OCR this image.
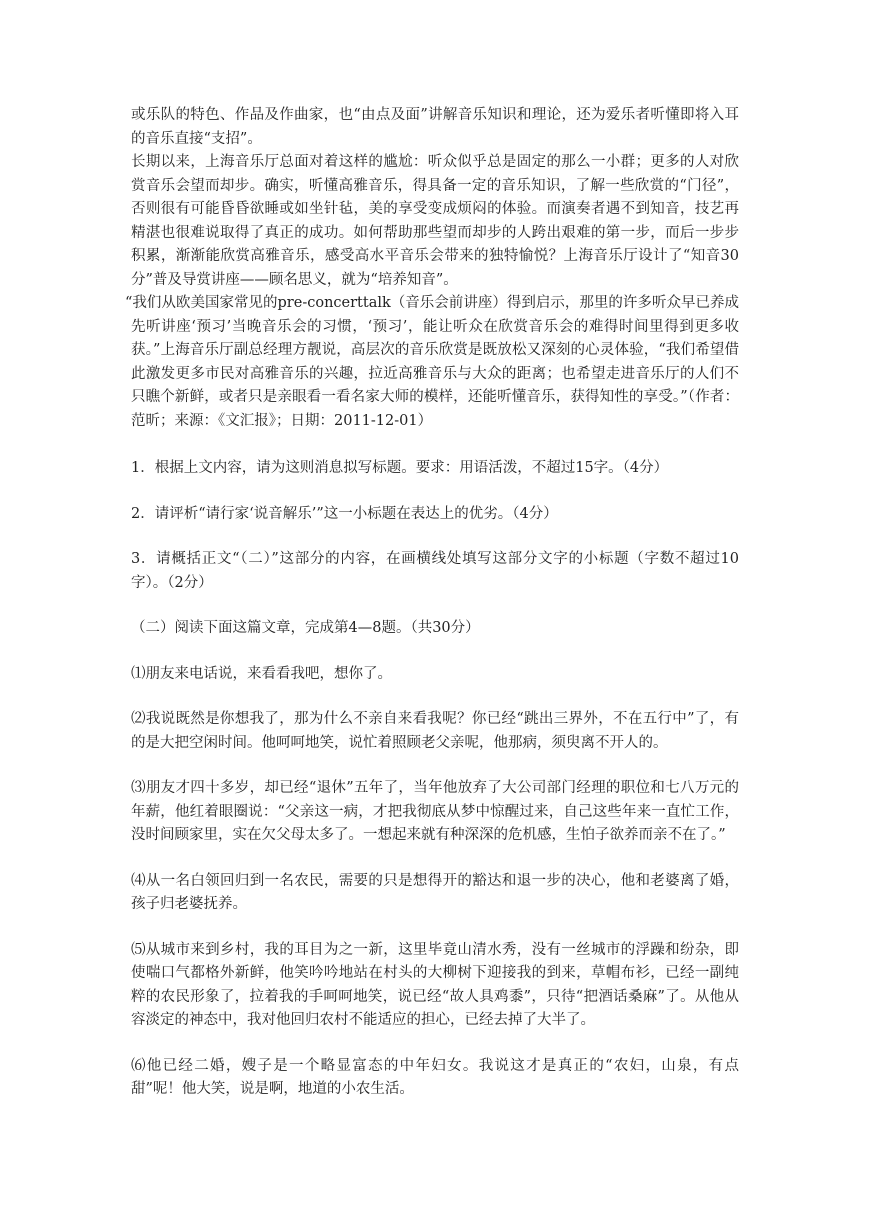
或乐队的特色、作品及作曲家，也“由点及面”讲解音乐知识和理论，还为爱乐者听懂即将入耳的音乐直接“支招”。

长期以来，上海音乐厅总面对着这样的尴尬：听众似乎总是固定的那么一小群；更多的人对欣赏音乐会望而却步。确实，听懂高雅音乐，得具备一定的音乐知识，了解一些欣赏的“门径”，否则很有可能昏昏欲睡或如坐针毡，美的享受变成烦闷的体验。而演奏者遇不到知音，技艺再精湛也很难说取得了真正的成功。如何帮助那些望而却步的人跨出艰难的第一步，而后一步步积累，渐渐能欣赏高雅音乐，感受高水平音乐会带来的独特愉悦？上海音乐厅设计了“知音30分”普及导赏讲座——顾名思义，就为“培养知音”。

“我们从欧美国家常见的pre-concerttalk（音乐会前讲座）得到启示，那里的许多听众早已养成先听讲座‘预习’当晚音乐会的习惯，‘预习’，能让听众在欣赏音乐会的难得时间里得到更多收获。”上海音乐厅副总经理方靓说，高层次的音乐欣赏是既放松又深刻的心灵体验，“我们希望借此激发更多市民对高雅音乐的兴趣，拉近高雅音乐与大众的距离；也希望走进音乐厅的人们不只瞧个新鲜，或者只是亲眼看一看名家大师的模样，还能听懂音乐，获得知性的享受。”（作者：范昕；来源：《文汇报》；日期：2011-12-01）

1．根据上文内容，请为这则消息拟写标题。要求：用语活泼，不超过15字。（4分）

2．请评析“请行家‘说音解乐’”这一小标题在表达上的优劣。（4分）

3．请概括正文“（二）”这部分的内容，在画横线处填写这部分文字的小标题（字数不超过10字）。（2分）

（二）阅读下面这篇文章，完成第4—8题。（共30分）

⑴朋友来电话说，来看看我吧，想你了。

⑵我说既然是你想我了，那为什么不亲自来看我呢？你已经“跳出三界外，不在五行中”了，有的是大把空闲时间。他呵呵地笑，说忙着照顾老父亲呢，他那病，须臾离不开人的。

⑶朋友才四十多岁，却已经“退休”五年了，当年他放弃了大公司部门经理的职位和七八万元的年薪，他红着眼圈说：“父亲这一病，才把我彻底从梦中惊醒过来，自己这些年来一直忙工作，没时间顾家里，实在欠父母太多了。一想起来就有种深深的危机感，生怕子欲养而亲不在了。”

⑷从一名白领回归到一名农民，需要的只是想得开的豁达和退一步的决心，他和老婆离了婚，孩子归老婆抚养。

⑸从城市来到乡村，我的耳目为之一新，这里毕竟山清水秀，没有一丝城市的浮躁和纷杂，即使喘口气都格外新鲜，他笑吟吟地站在村头的大柳树下迎接我的到来，草帽布衫，已经一副纯粹的农民形象了，拉着我的手呵呵地笑，说已经“故人具鸡黍”，只待“把酒话桑麻”了。从他从容淡定的神态中，我对他回归农村不能适应的担心，已经去掉了大半了。

⑹他已经二婚，嫂子是一个略显富态的中年妇女。我说这才是真正的“农妇，山泉，有点甜”呢！他大笑，说是啊，地道的小农生活。
